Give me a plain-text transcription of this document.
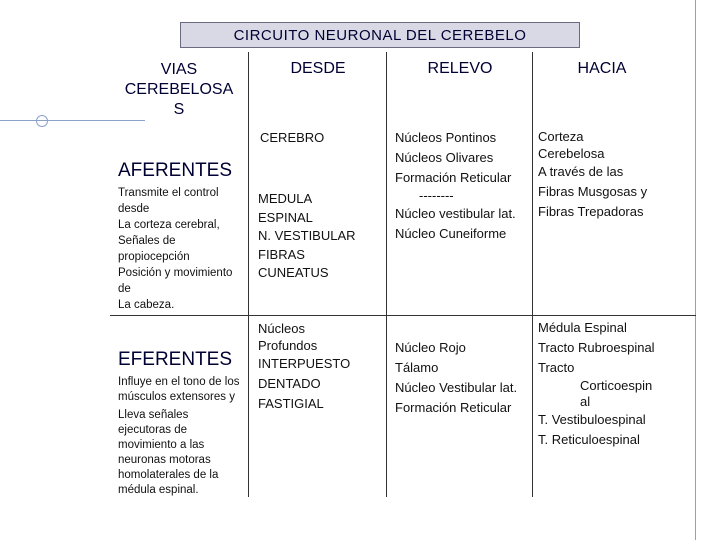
CIRCUITO NEURONAL DEL CEREBELO
VIAS
CEREBELOSA
S
DESDE	RELEVO	HACIA
AFERENTES
Transmite el control
desde
La corteza cerebral,
Señales de
propiocepción
Posición y movimiento
de
La cabeza.
CEREBRO
MEDULA
ESPINAL
N. VESTIBULAR
FIBRAS
CUNEATUS
Núcleos Pontinos
Núcleos Olivares
Formación Reticular
--------
Núcleo vestibular lat.
Núcleo Cuneiforme
Corteza
Cerebelosa
A través de las
Fibras Musgosas y
Fibras Trepadoras
EFERENTES
Influye en el tono de los
músculos extensores y
Lleva señales
ejecutoras de
movimiento a las
neuronas motoras
homolaterales de la
médula espinal.
Núcleos
Profundos
INTERPUESTO
DENTADO
FASTIGIAL
Núcleo Rojo
Tálamo
Núcleo Vestibular lat.
Formación Reticular
Médula Espinal
Tracto Rubroespinal
Tracto
Corticoespin
al
T. Vestibuloespinal
T. Reticuloespinal
